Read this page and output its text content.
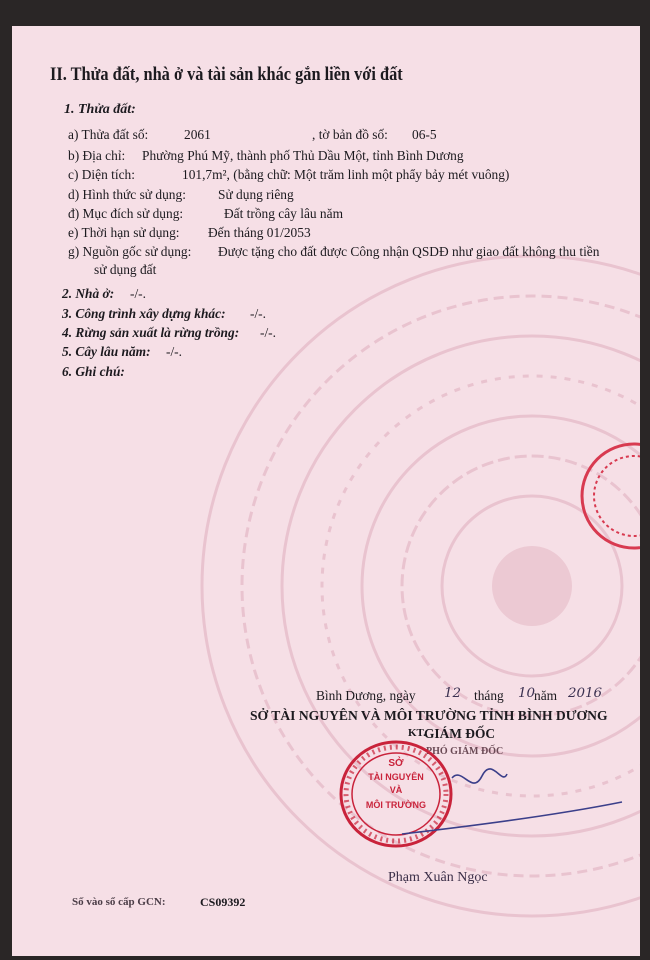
II. Thửa đất, nhà ở và tài sản khác gắn liền với đất
1. Thửa đất:
a) Thửa đất số:	2061	, tờ bản đồ số: 06-5
b) Địa chỉ: Phường Phú Mỹ, thành phố Thủ Dầu Một, tỉnh Bình Dương
c) Diện tích:	101,7m², (bằng chữ: Một trăm linh một phẩy bảy mét vuông)
d) Hình thức sử dụng: Sử dụng riêng
đ) Mục đích sử dụng:	Đất trồng cây lâu năm
e) Thời hạn sử dụng: Đến tháng 01/2053
g) Nguồn gốc sử dụng: Được tặng cho đất được Công nhận QSDĐ như giao đất không thu tiền
sử dụng đất
2. Nhà ở: -/-.
3. Công trình xây dựng khác: -/-.
4. Rừng sản xuất là rừng trồng: -/-.
5. Cây lâu năm: -/-.
6. Ghi chú:
Bình Dương, ngày 12 tháng 10
năm 2016
SỞ TÀI NGUYÊN VÀ MÔI TRƯỜNG TỈNH BÌNH DƯƠNG
KT.
GIÁM ĐỐC
PHÓ GIÁM ĐỐC
SỞ
TÀI NGUYÊN
VÀ
MÔI TRƯỜNG
Phạm Xuân Ngọc
Số vào sổ cấp GCN:	CS09392
